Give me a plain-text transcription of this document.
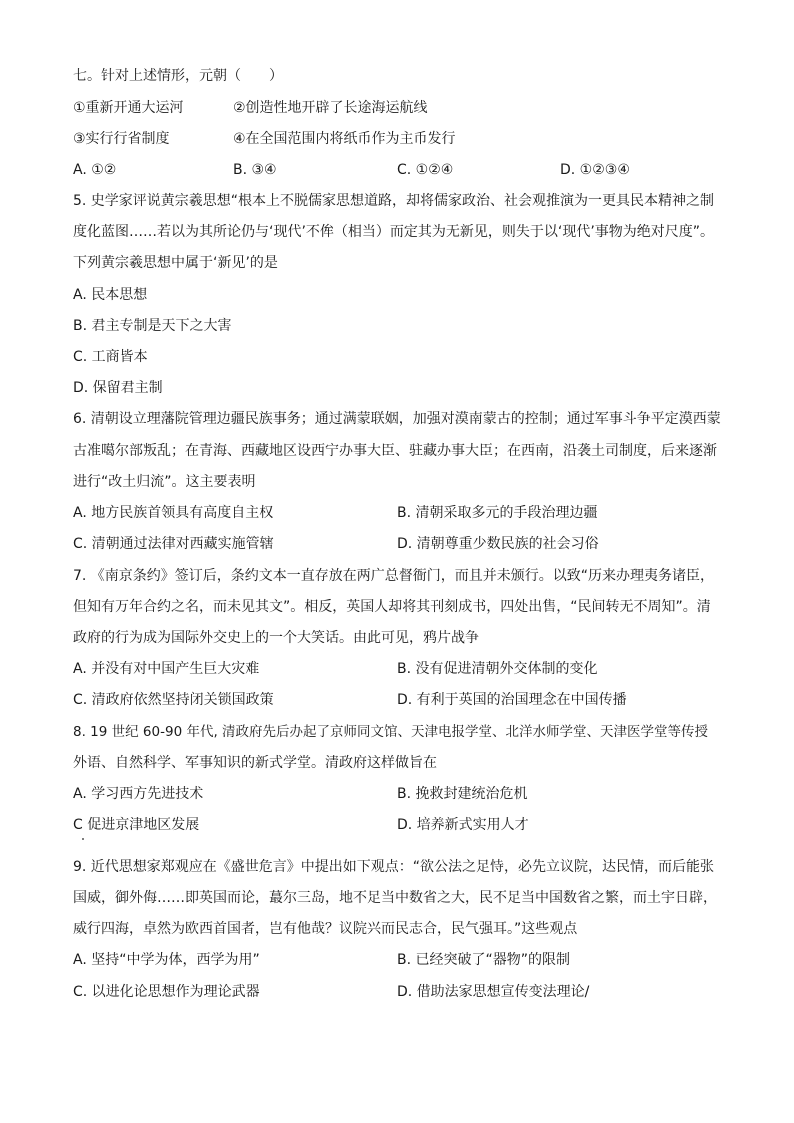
七。针对上述情形，元朝（　　）
①重新开通大运河	②创造性地开辟了长途海运航线
③实行行省制度	④在全国范围内将纸币作为主币发行
A. ①②	B. ③④	C. ①②④	D. ①②③④
5. 史学家评说黄宗羲思想“根本上不脱儒家思想道路，却将儒家政治、社会观推演为一更具民本精神之制
度化蓝图……若以为其所论仍与‘现代’不侔（相当）而定其为无新见，则失于以‘现代’事物为绝对尺度”。
下列黄宗羲思想中属于‘新见’的是
A. 民本思想
B. 君主专制是天下之大害
C. 工商皆本
D. 保留君主制
6. 清朝设立理藩院管理边疆民族事务；通过满蒙联姻，加强对漠南蒙古的控制；通过军事斗争平定漠西蒙
古准噶尔部叛乱；在青海、西藏地区设西宁办事大臣、驻藏办事大臣；在西南，沿袭土司制度，后来逐渐
进行“改土归流”。这主要表明
A. 地方民族首领具有高度自主权	B. 清朝采取多元的手段治理边疆
C. 清朝通过法律对西藏实施管辖	D. 清朝尊重少数民族的社会习俗
7. 《南京条约》签订后，条约文本一直存放在两广总督衙门，而且并未颁行。以致“历来办理夷务诸臣，
但知有万年合约之名，而未见其文”。相反，英国人却将其刊刻成书，四处出售，“民间转无不周知”。清
政府的行为成为国际外交史上的一个大笑话。由此可见，鸦片战争
A. 并没有对中国产生巨大灾难	B. 没有促进清朝外交体制的变化
C. 清政府依然坚持闭关锁国政策	D. 有利于英国的治国理念在中国传播
8. 19 世纪 60-90 年代, 清政府先后办起了京师同文馆、天津电报学堂、北洋水师学堂、天津医学堂等传授
外语、自然科学、军事知识的新式学堂。清政府这样做旨在
A. 学习西方先进技术	B. 挽救封建统治危机
C 促进京津地区发展	D. 培养新式实用人才
9. 近代思想家郑观应在《盛世危言》中提出如下观点：“欲公法之足恃，必先立议院，达民情，而后能张
国威，御外侮……即英国而论，蕞尔三岛，地不足当中数省之大，民不足当中国数省之繁，而土宇日辟，
威行四海，卓然为欧西首国者，岂有他哉？议院兴而民志合，民气强耳。”这些观点
A. 坚持“中学为体，西学为用”	B. 已经突破了“器物”的限制
C. 以进化论思想作为理论武器	D. 借助法家思想宣传变法理论/
